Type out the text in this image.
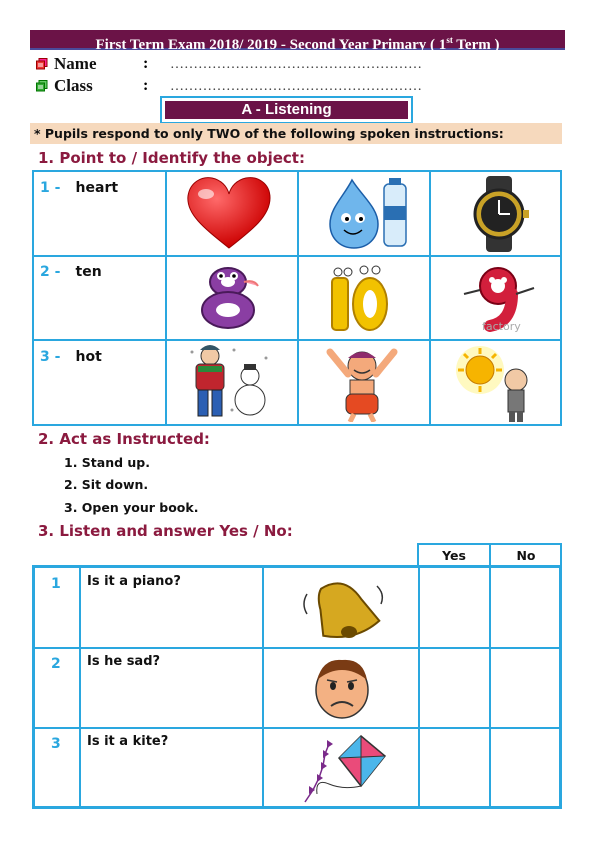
First Term Exam 2018/ 2019 - Second Year Primary ( 1st Term )
Name	: ………………………………………………
Class	: ………………………………………………
A - Listening
* Pupils respond to only TWO of the following spoken instructions:
1. Point to / Identify the object:
1 - heart
2 - ten
factory
3 - hot
2. Act as Instructed:
1. Stand up.
2. Sit down.
3. Open your book.
3. Listen and answer Yes / No:
Yes	No
1 Is it a piano?
2 Is he sad?
3 Is it a kite?
